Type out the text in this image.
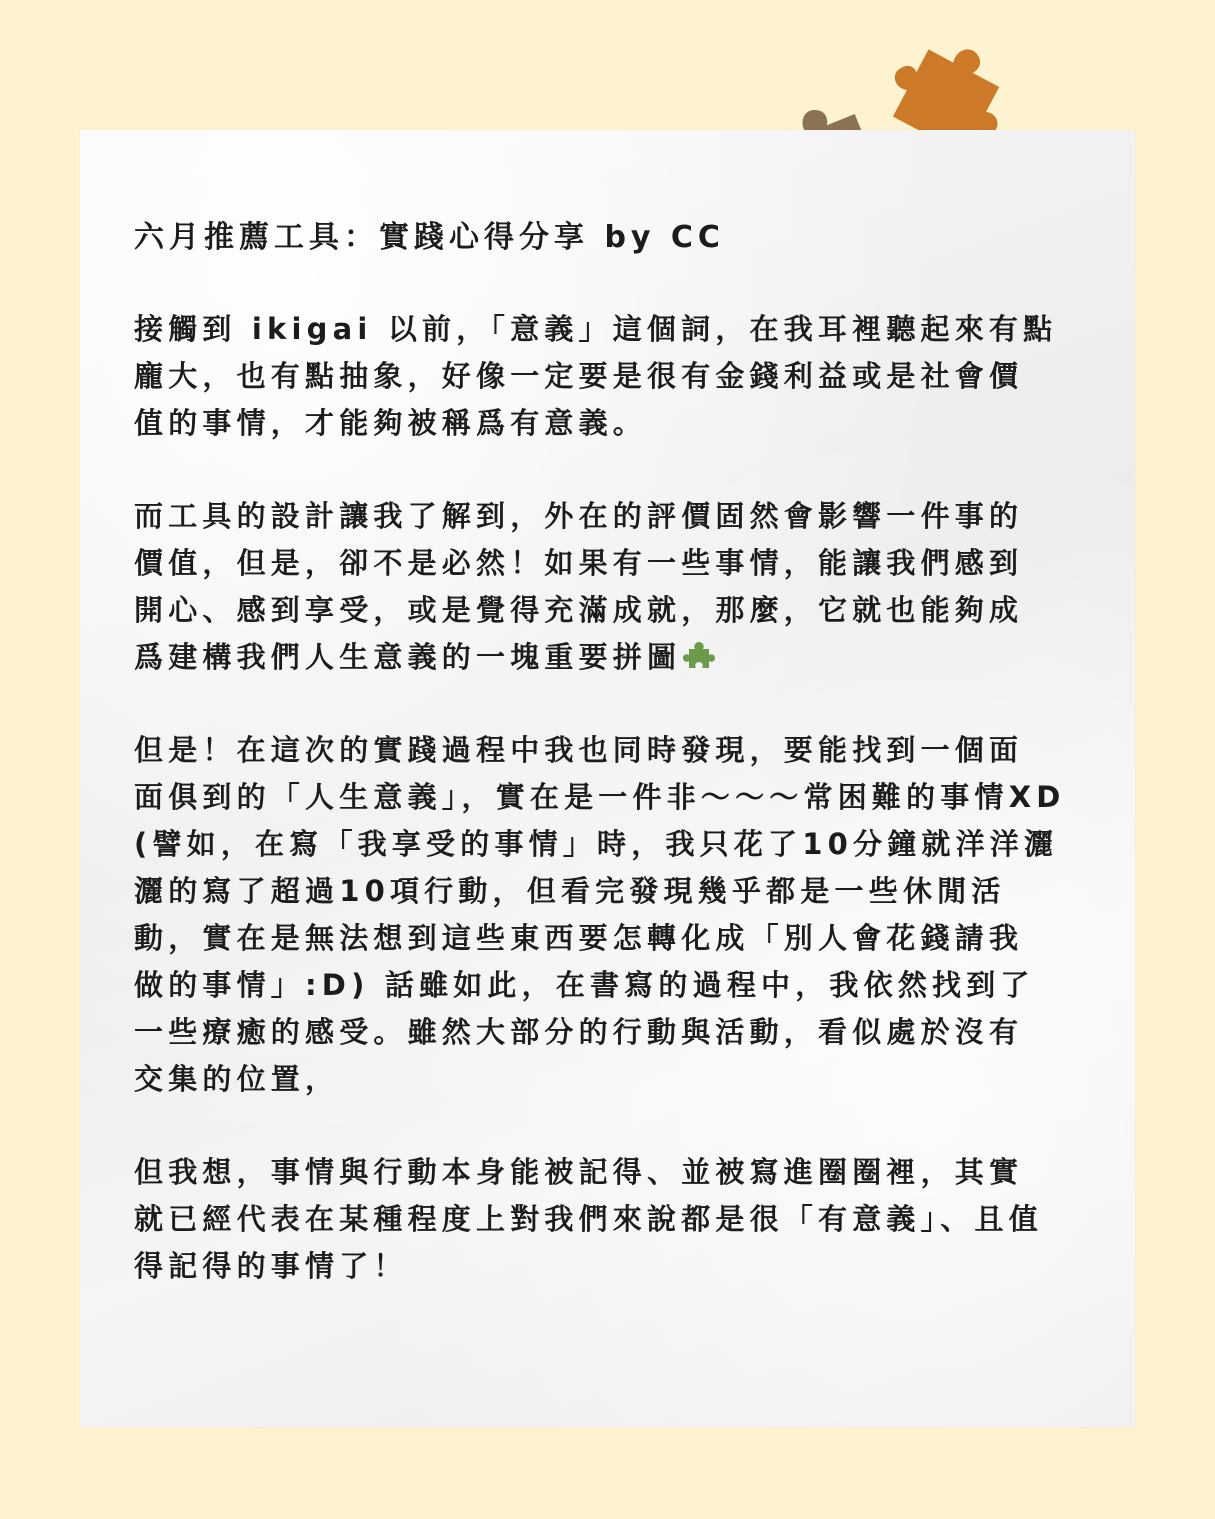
六月推薦工具：實踐心得分享 by CC
接觸到 ikigai 以前，「意義」這個詞，在我耳裡聽起來有點
龐大，也有點抽象，好像一定要是很有金錢利益或是社會價
值的事情，才能夠被稱爲有意義。
而工具的設計讓我了解到，外在的評價固然會影響一件事的
價值，但是，卻不是必然！如果有一些事情，能讓我們感到
開心、感到享受，或是覺得充滿成就，那麼，它就也能夠成
爲建構我們人生意義的一塊重要拼圖
但是！在這次的實踐過程中我也同時發現，要能找到一個面
面俱到的「人生意義」，實在是一件非～～～常困難的事情XD
(譬如，在寫「我享受的事情」時，我只花了10分鐘就洋洋灑
灑的寫了超過10項行動，但看完發現幾乎都是一些休閒活
動，實在是無法想到這些東西要怎轉化成「別人會花錢請我
做的事情」:D) 話雖如此，在書寫的過程中，我依然找到了
一些療癒的感受。雖然大部分的行動與活動，看似處於沒有
交集的位置，
但我想，事情與行動本身能被記得、並被寫進圈圈裡，其實
就已經代表在某種程度上對我們來說都是很「有意義」、且值
得記得的事情了！
